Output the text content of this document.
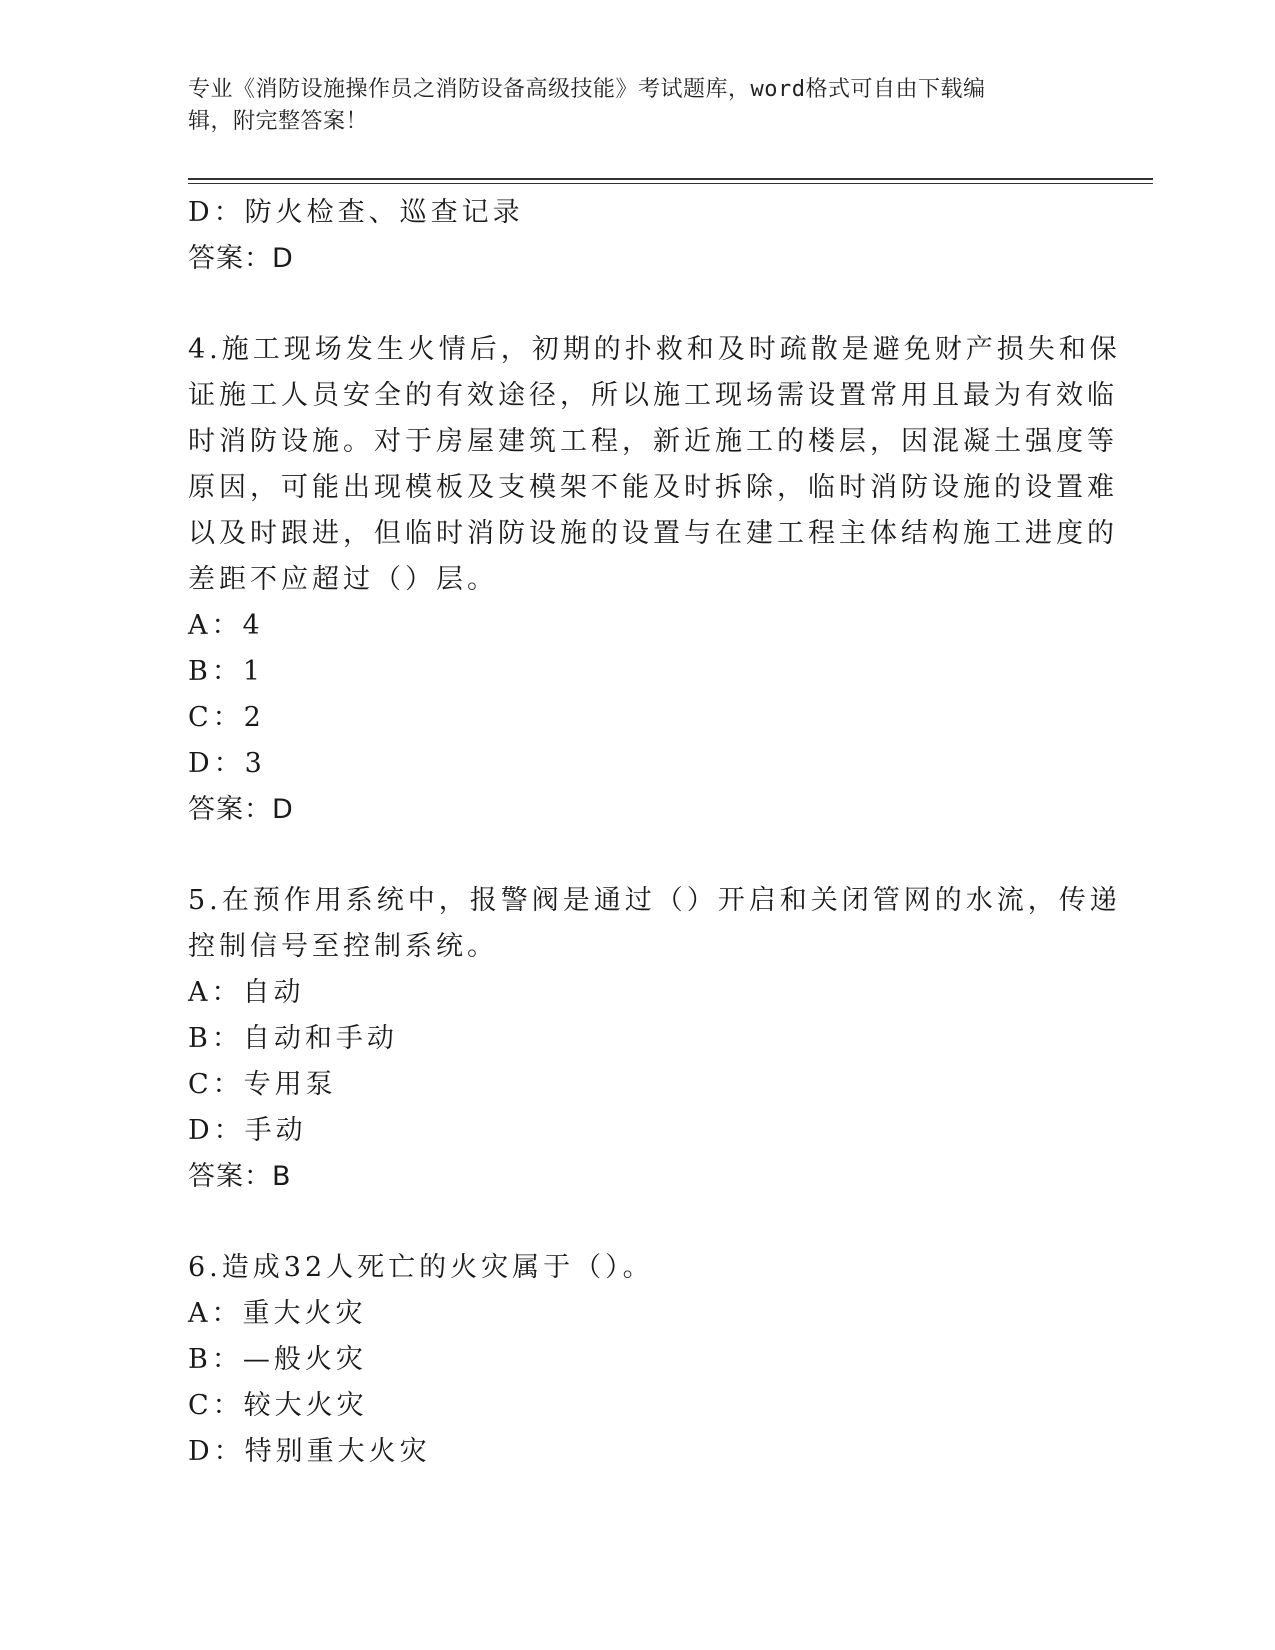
专业《消防设施操作员之消防设备高级技能》考试题库，word格式可自由下载编
辑，附完整答案！
D：防火检查、巡查记录
答案：D
4.施工现场发生火情后，初期的扑救和及时疏散是避免财产损失和保
证施工人员安全的有效途径，所以施工现场需设置常用且最为有效临
时消防设施。对于房屋建筑工程，新近施工的楼层，因混凝土强度等
原因，可能出现模板及支模架不能及时拆除，临时消防设施的设置难
以及时跟进，但临时消防设施的设置与在建工程主体结构施工进度的
差距不应超过（）层。
A：4
B：1
C：2
D：3
答案：D
5.在预作用系统中，报警阀是通过（）开启和关闭管网的水流，传递
控制信号至控制系统。
A：自动
B：自动和手动
C：专用泵
D：手动
答案：B
6.造成32人死亡的火灾属于（）。
A：重大火灾
B：—般火灾
C：较大火灾
D：特别重大火灾
